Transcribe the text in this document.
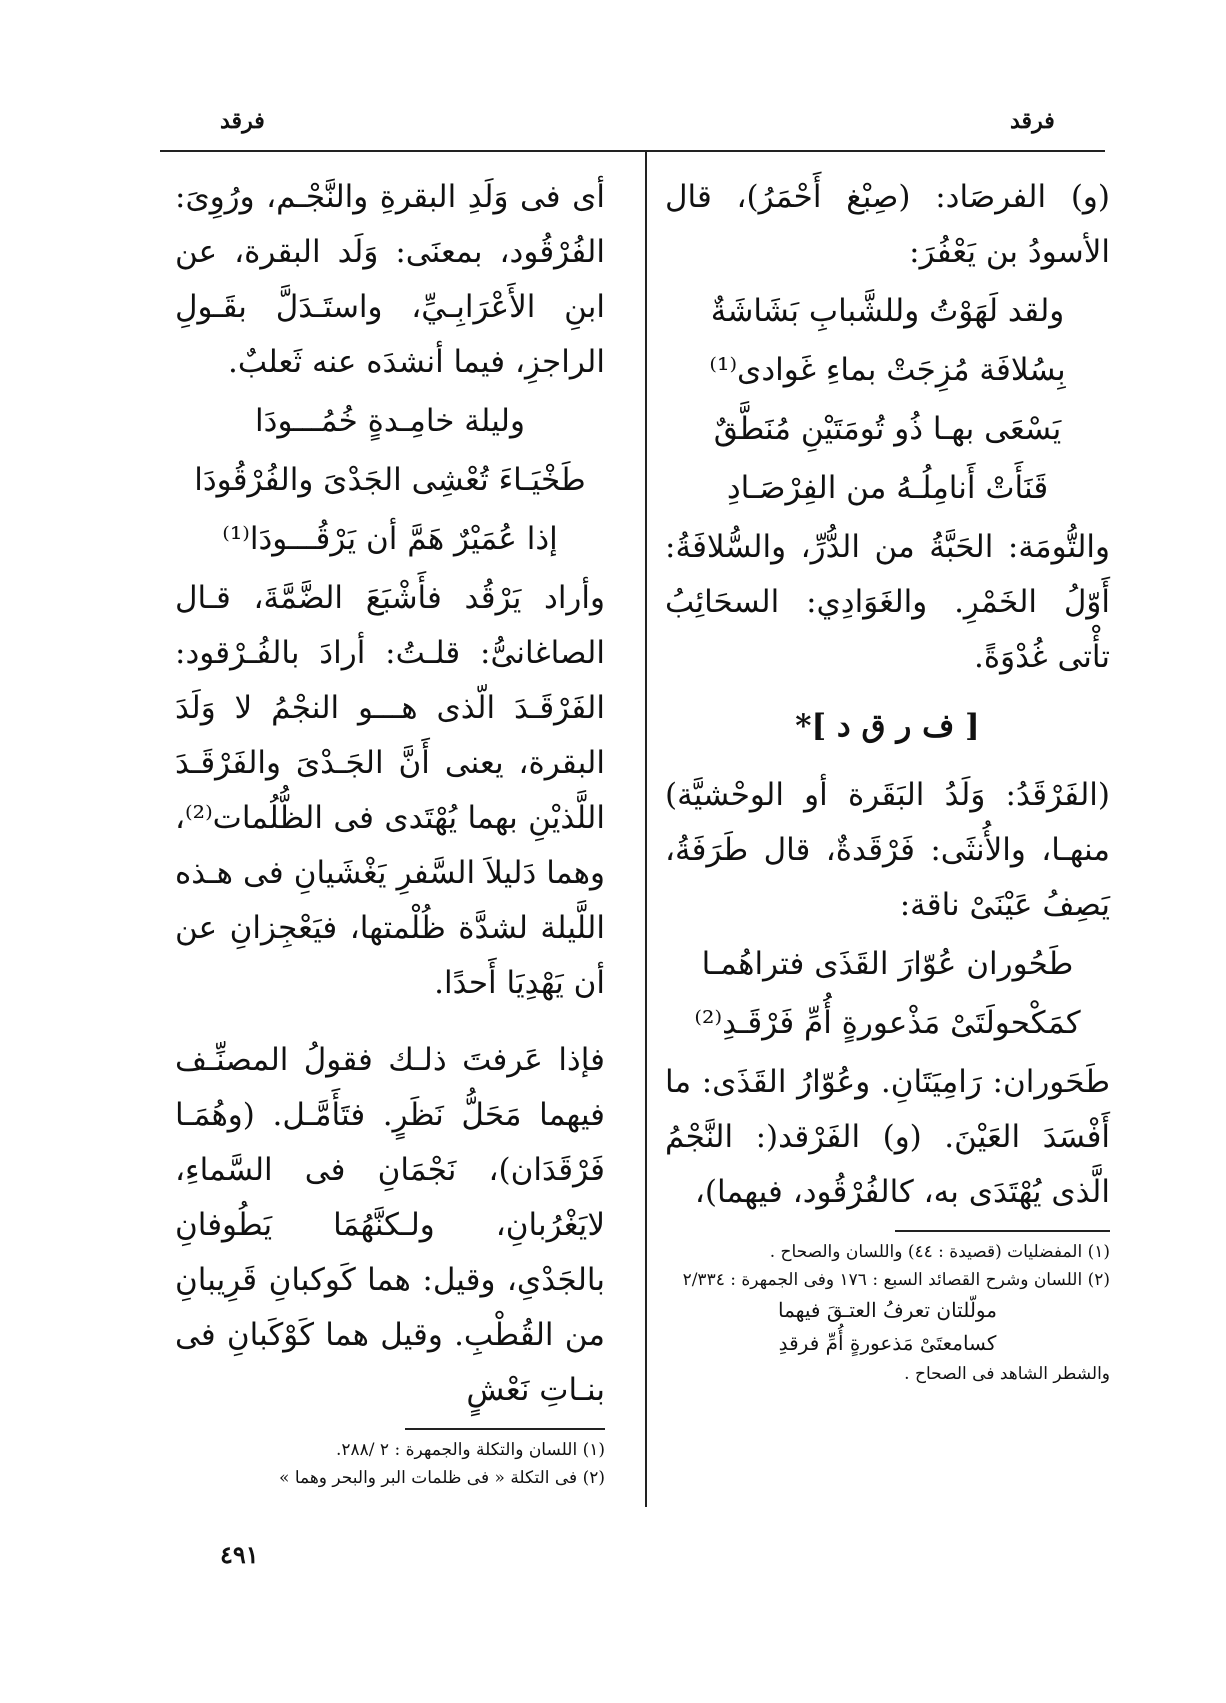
فرقد
فرقد

(و) الفرصَاد: (صِبْغ أَحْمَرُ)، قال الأسودُ بن يَعْفُرَ:

ولقد لَهَوْتُ وللشَّبابِ بَشَاشَةٌ

بِسُلافَة مُزِجَتْ بماءِ غَوادى⁽¹⁾

يَسْعَى بهـا ذُو تُومَتَيْنِ مُنَطَّقٌ

قَنَأَتْ أَنامِلُـهُ من الفِرْصَـادِ

والتُّومَة: الحَبَّةُ من الدُّرِّ، والسُّلافَةُ: أَوّلُ الخَمْرِ. والغَوَادِي: السحَائِبُ تأْتى غُدْوَةً.

[ ف ر ق د ]*

(الفَرْقَدُ: وَلَدُ البَقَرة أو الوحْشيَّة) منهـا، والأُنثَى: فَرْقَدةٌ، قال طَرَفَةُ، يَصِفُ عَيْنَىْ ناقة:

طَحُوران عُوّارَ القَذَى فتراهُمـا

كمَكْحولَتَىْ مَذْعورةٍ أُمِّ فَرْقَـدِ⁽²⁾

طَحَوران: رَامِيَتَانِ. وعُوّارُ القَذَى: ما أَفْسَدَ العَيْنَ. (و) الفَرْقد(: النَّجْمُ الَّذى يُهْتَدَى به، كالفُرْقُود، فيهما)،

(١) المفضليات (قصيدة : ٤٤) واللسان والصحاح .

(٢) اللسان وشرح القصائد السبع : ١٧٦ وفى الجمهرة : ٢/٣٣٤

مولّلتان تعرفُ العتـقَ فيهما

كسامعتَىْ مَذعورةٍ أُمِّ فرقدِ

والشطر الشاهد فى الصحاح .

أى فى وَلَدِ البقرةِ والنَّجْـم، ورُوِىَ: الفُرْقُود، بمعنَى: وَلَد البقرة، عن ابنِ الأَعْرَابِـيِّ، واستَـدَلَّ بقَـولِ الراجزِ، فيما أنشدَه عنه ثَعلبٌ.

وليلة خامِـدةٍ خُمُـــودَا

طَخْيَـاءَ تُعْشِى الجَدْىَ والفُرْقُودَا

إذا عُمَيْرٌ هَمَّ أن يَرْقُـــودَا⁽¹⁾

وأراد يَرْقُد فأَشْبَعَ الضَّمَّةَ، قـال الصاغانىُّ: قلـتُ: أرادَ بالفُـرْقود: الفَرْقَـدَ الّذى هـــو النجْمُ لا وَلَدَ البقرة، يعنى أَنَّ الجَـدْىَ والفَرْقَـدَ اللَّذيْنِ بهما يُهْتَدى فى الظُّلُمات⁽²⁾، وهما دَليلاَ السَّفرِ يَغْشَيانِ فى هـذه اللَّيلة لشدَّة ظُلْمتها، فيَعْجِزانِ عن أن يَهْدِيَا أَحدًا.

فإذا عَرفتَ ذلـك فقولُ المصنِّـف فيهما مَحَلُّ نَظَرٍ. فتَأَمَّـل. (وهُمَـا فَرْقَدَان)، نَجْمَانِ فى السَّماءِ، لايَغْرُبانِ، ولـكنَّهُمَا يَطُوفانِ بالجَدْىِ، وقيل: هما كَوكبانِ قَرِيبانِ من القُطْبِ. وقيل هما كَوْكَبانِ فى بنـاتِ نَعْشٍ

(١) اللسان والتكلة والجمهرة : ٢ /٢٨٨.

(٢) فى التكلة « فى ظلمات البر والبحر وهما »

٤٩١
